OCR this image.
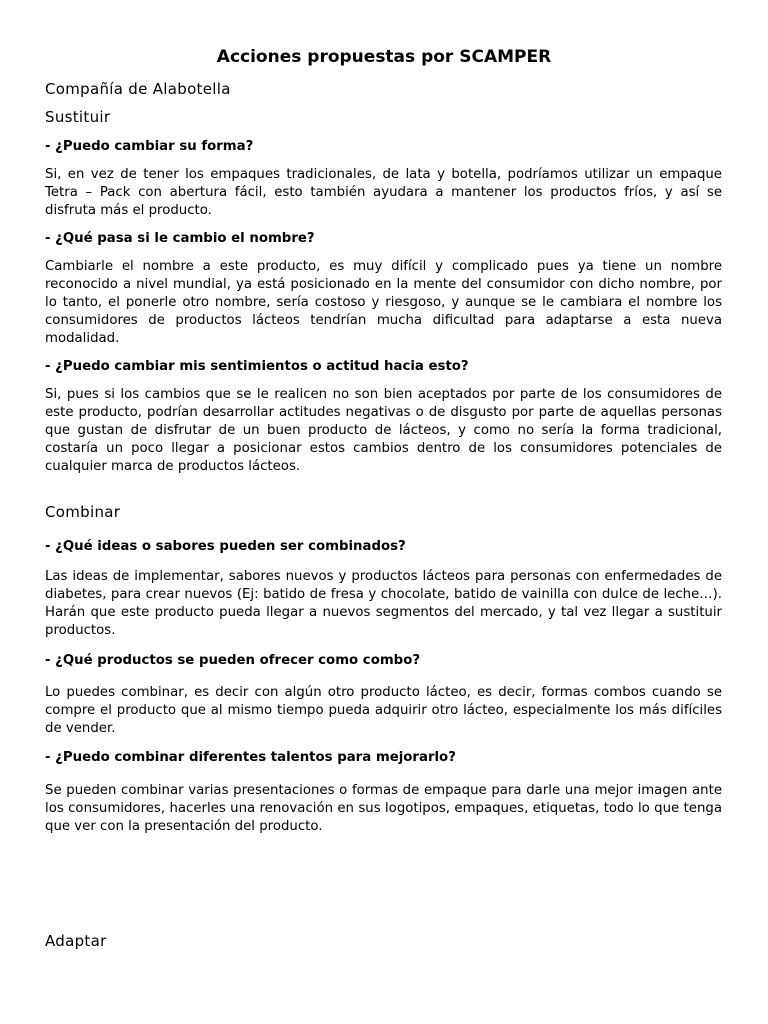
Acciones propuestas por SCAMPER
Compañía de Alabotella
Sustituir
- ¿Puedo cambiar su forma?
Si, en vez de tener los empaques tradicionales, de lata y botella, podríamos utilizar un empaque Tetra – Pack con abertura fácil, esto también ayudara a mantener los productos fríos, y así se disfruta más el producto.
- ¿Qué pasa si le cambio el nombre?
Cambiarle el nombre a este producto, es muy difícil y complicado pues ya tiene un nombre reconocido a nivel mundial, ya está posicionado en la mente del consumidor con dicho nombre, por lo tanto, el ponerle otro nombre, sería costoso y riesgoso, y aunque se le cambiara el nombre los consumidores de productos lácteos tendrían mucha dificultad para adaptarse a esta nueva modalidad.
- ¿Puedo cambiar mis sentimientos o actitud hacia esto?
Si, pues si los cambios que se le realicen no son bien aceptados por parte de los consumidores de este producto, podrían desarrollar actitudes negativas o de disgusto por parte de aquellas personas que gustan de disfrutar de un buen producto de lácteos, y como no sería la forma tradicional, costaría un poco llegar a posicionar estos cambios dentro de los consumidores potenciales de cualquier marca de productos lácteos.
Combinar
- ¿Qué ideas o sabores pueden ser combinados?
Las ideas de implementar, sabores nuevos y productos lácteos para personas con enfermedades de diabetes, para crear nuevos (Ej: batido de fresa y chocolate, batido de vainilla con dulce de leche…). Harán que este producto pueda llegar a nuevos segmentos del mercado, y tal vez llegar a sustituir productos.
- ¿Qué productos se pueden ofrecer como combo?
Lo puedes combinar, es decir con algún otro producto lácteo, es decir, formas combos cuando se compre el producto que al mismo tiempo pueda adquirir otro lácteo, especialmente los más difíciles de vender.
- ¿Puedo combinar diferentes talentos para mejorarlo?
Se pueden combinar varias presentaciones o formas de empaque para darle una mejor imagen ante los consumidores, hacerles una renovación en sus logotipos, empaques, etiquetas, todo lo que tenga que ver con la presentación del producto.
Adaptar
